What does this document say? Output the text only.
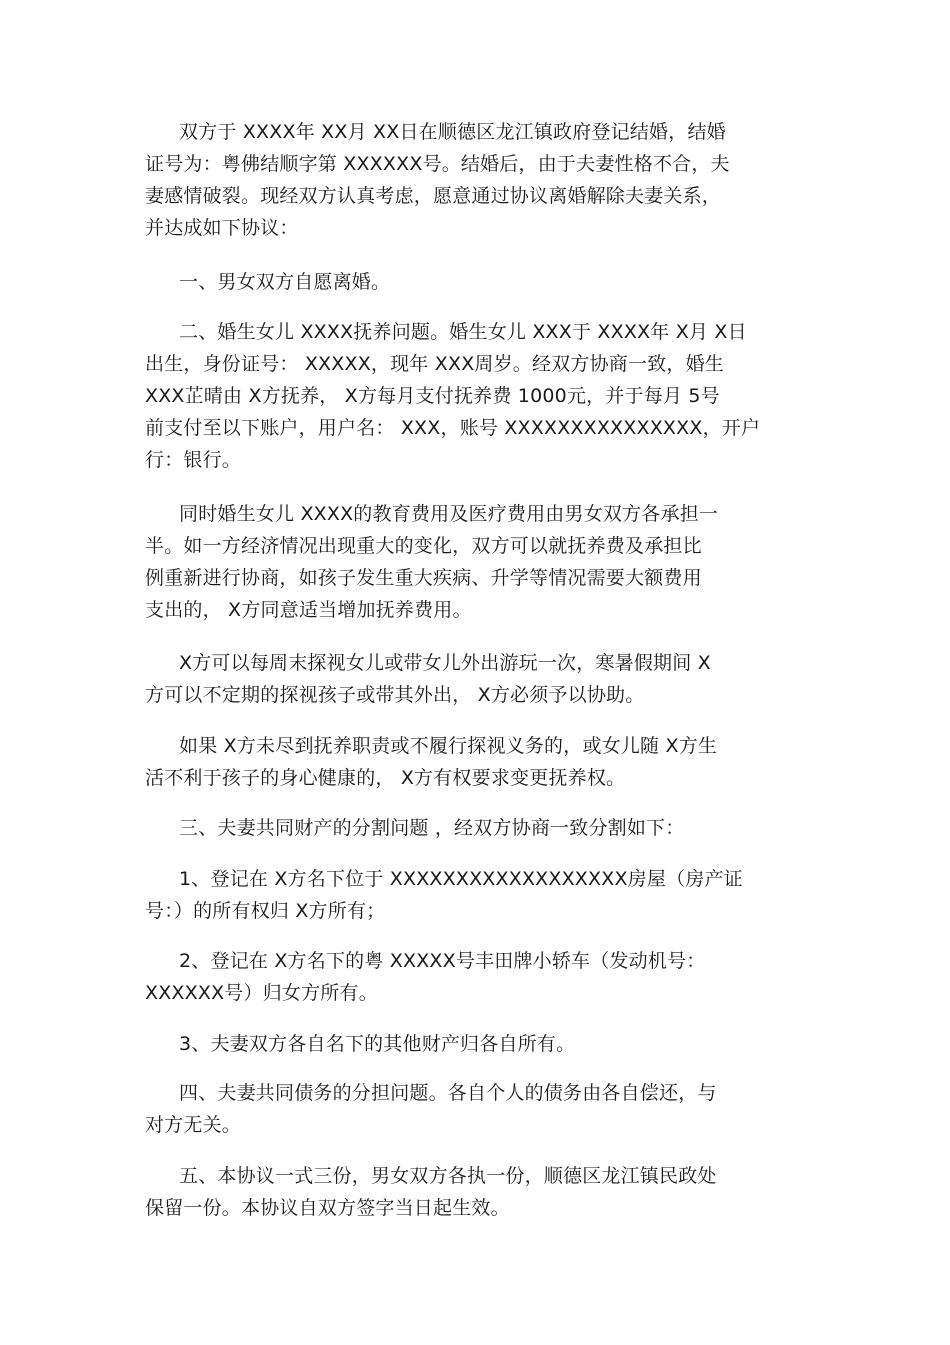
双方于 XXXX年 XX月 XX日在顺德区龙江镇政府登记结婚，结婚
证号为：粤佛结顺字第 XXXXXX号。结婚后，由于夫妻性格不合，夫
妻感情破裂。现经双方认真考虑，愿意通过协议离婚解除夫妻关系，
并达成如下协议：
一、男女双方自愿离婚。
二、婚生女儿 XXXX抚养问题。婚生女儿 XXX于 XXXX年 X月 X日
出生，身份证号： XXXXX，现年 XXX周岁。经双方协商一致，婚生
XXX芷晴由 X方抚养， X方每月支付抚养费 1000元，并于每月 5号
前支付至以下账户，用户名： XXX，账号 XXXXXXXXXXXXXXX，开户
行：银行。
同时婚生女儿 XXXX的教育费用及医疗费用由男女双方各承担一
半。如一方经济情况出现重大的变化，双方可以就抚养费及承担比
例重新进行协商，如孩子发生重大疾病、升学等情况需要大额费用
支出的， X方同意适当增加抚养费用。
X方可以每周末探视女儿或带女儿外出游玩一次，寒暑假期间 X
方可以不定期的探视孩子或带其外出， X方必须予以协助。
如果 X方未尽到抚养职责或不履行探视义务的，或女儿随 X方生
活不利于孩子的身心健康的， X方有权要求变更抚养权。
三、夫妻共同财产的分割问题 ，经双方协商一致分割如下：
1、登记在 X方名下位于 XXXXXXXXXXXXXXXXXX房屋（房产证
号：）的所有权归 X方所有；
2、登记在 X方名下的粤 XXXXX号丰田牌小轿车（发动机号：
XXXXXX号）归女方所有。
3、夫妻双方各自名下的其他财产归各自所有。
四、夫妻共同债务的分担问题。各自个人的债务由各自偿还，与
对方无关。
五、本协议一式三份，男女双方各执一份，顺德区龙江镇民政处
保留一份。本协议自双方签字当日起生效。
